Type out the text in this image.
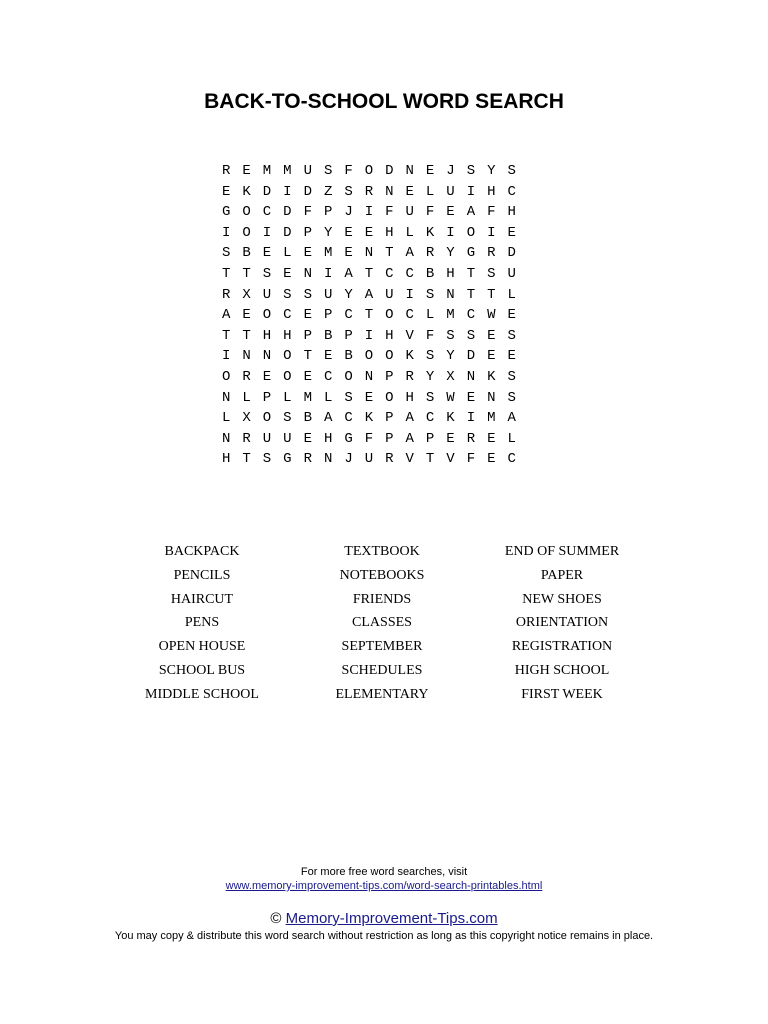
BACK-TO-SCHOOL WORD SEARCH
R E M M U S F O D N E J S Y S
E K D I D Z S R N E L U I H C
G O C D F P J I F U F E A F H
I O I D P Y E E H L K I O I E
S B E L E M E N T A R Y G R D
T T S E N I A T C C B H T S U
R X U S S U Y A U I S N T T L
A E O C E P C T O C L M C W E
T T H H P B P I H V F S S E S
I N N O T E B O O K S Y D E E
O R E O E C O N P R Y X N K S
N L P L M L S E O H S W E N S
L X O S B A C K P A C K I M A
N R U U E H G F P A P E R E L
H T S G R N J U R V T V F E C
BACKPACK	TEXTBOOK	END OF SUMMER
PENCILS	NOTEBOOKS	PAPER
HAIRCUT	FRIENDS	NEW SHOES
PENS	CLASSES	ORIENTATION
OPEN HOUSE	SEPTEMBER	REGISTRATION
SCHOOL BUS	SCHEDULES	HIGH SCHOOL
MIDDLE SCHOOL	ELEMENTARY	FIRST WEEK
For more free word searches, visit
www.memory-improvement-tips.com/word-search-printables.html
© Memory-Improvement-Tips.com
You may copy & distribute this word search without restriction as long as this copyright notice remains in place.
